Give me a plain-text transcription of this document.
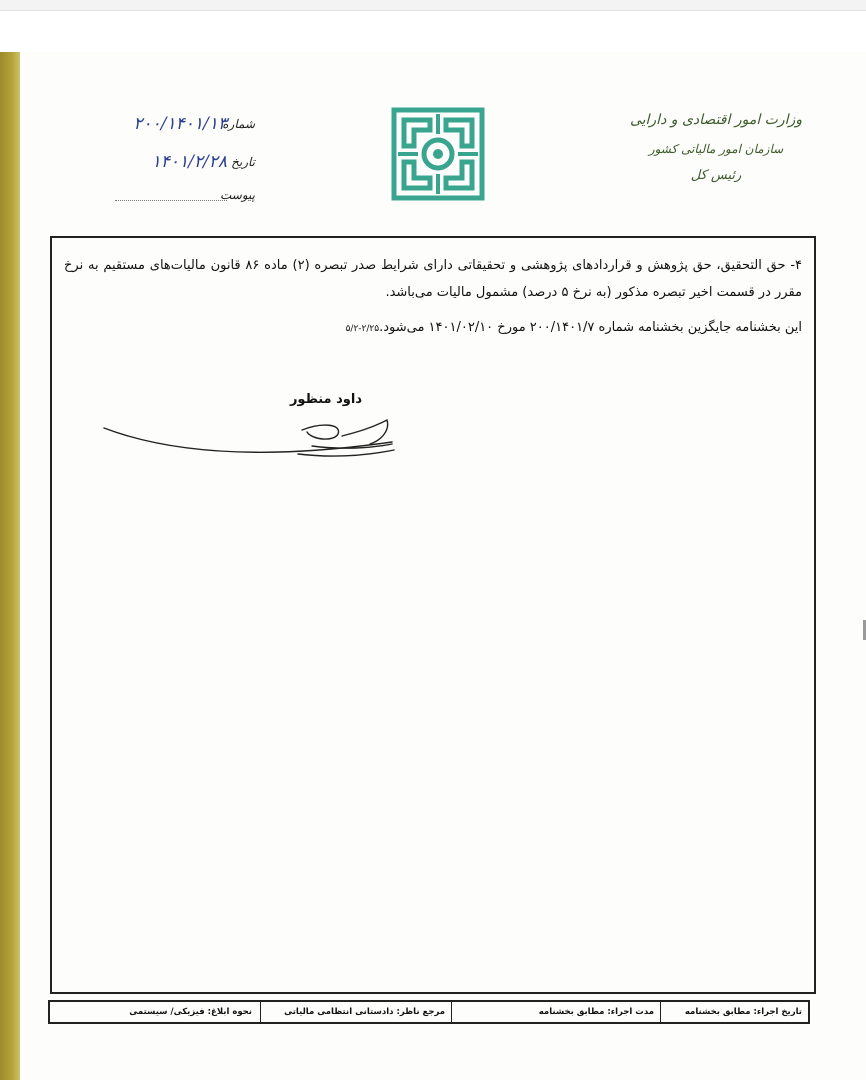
وزارت امور اقتصادی و دارایی
سازمان امور مالیاتی کشور
رئیس کل
شماره
۲۰۰/۱۴۰۱/۱۳
تاریخ
۱۴۰۱/۲/۲۸
پیوست

۴- حق التحقیق، حق پژوهش و قراردادهای پژوهشی و تحقیقاتی دارای شرایط صدر تبصره (۲) ماده ۸۶ قانون مالیات‌های مستقیم به نرخ مقرر در قسمت اخیر تبصره مذکور (به نرخ ۵ درصد) مشمول مالیات می‌باشد.

این بخشنامه جایگزین بخشنامه شماره ۲۰۰/۱۴۰۱/۷ مورخ ۱۴۰۱/۰۲/۱۰ می‌شود.۲/۲۵-۵/۲

داود منظور
تاریخ اجراء: مطابق بخشنامه
مدت اجراء: مطابق بخشنامه
مرجع ناظر: دادستانی انتظامی مالیاتی
نحوه ابلاغ: فیزیکی/ سیستمی
